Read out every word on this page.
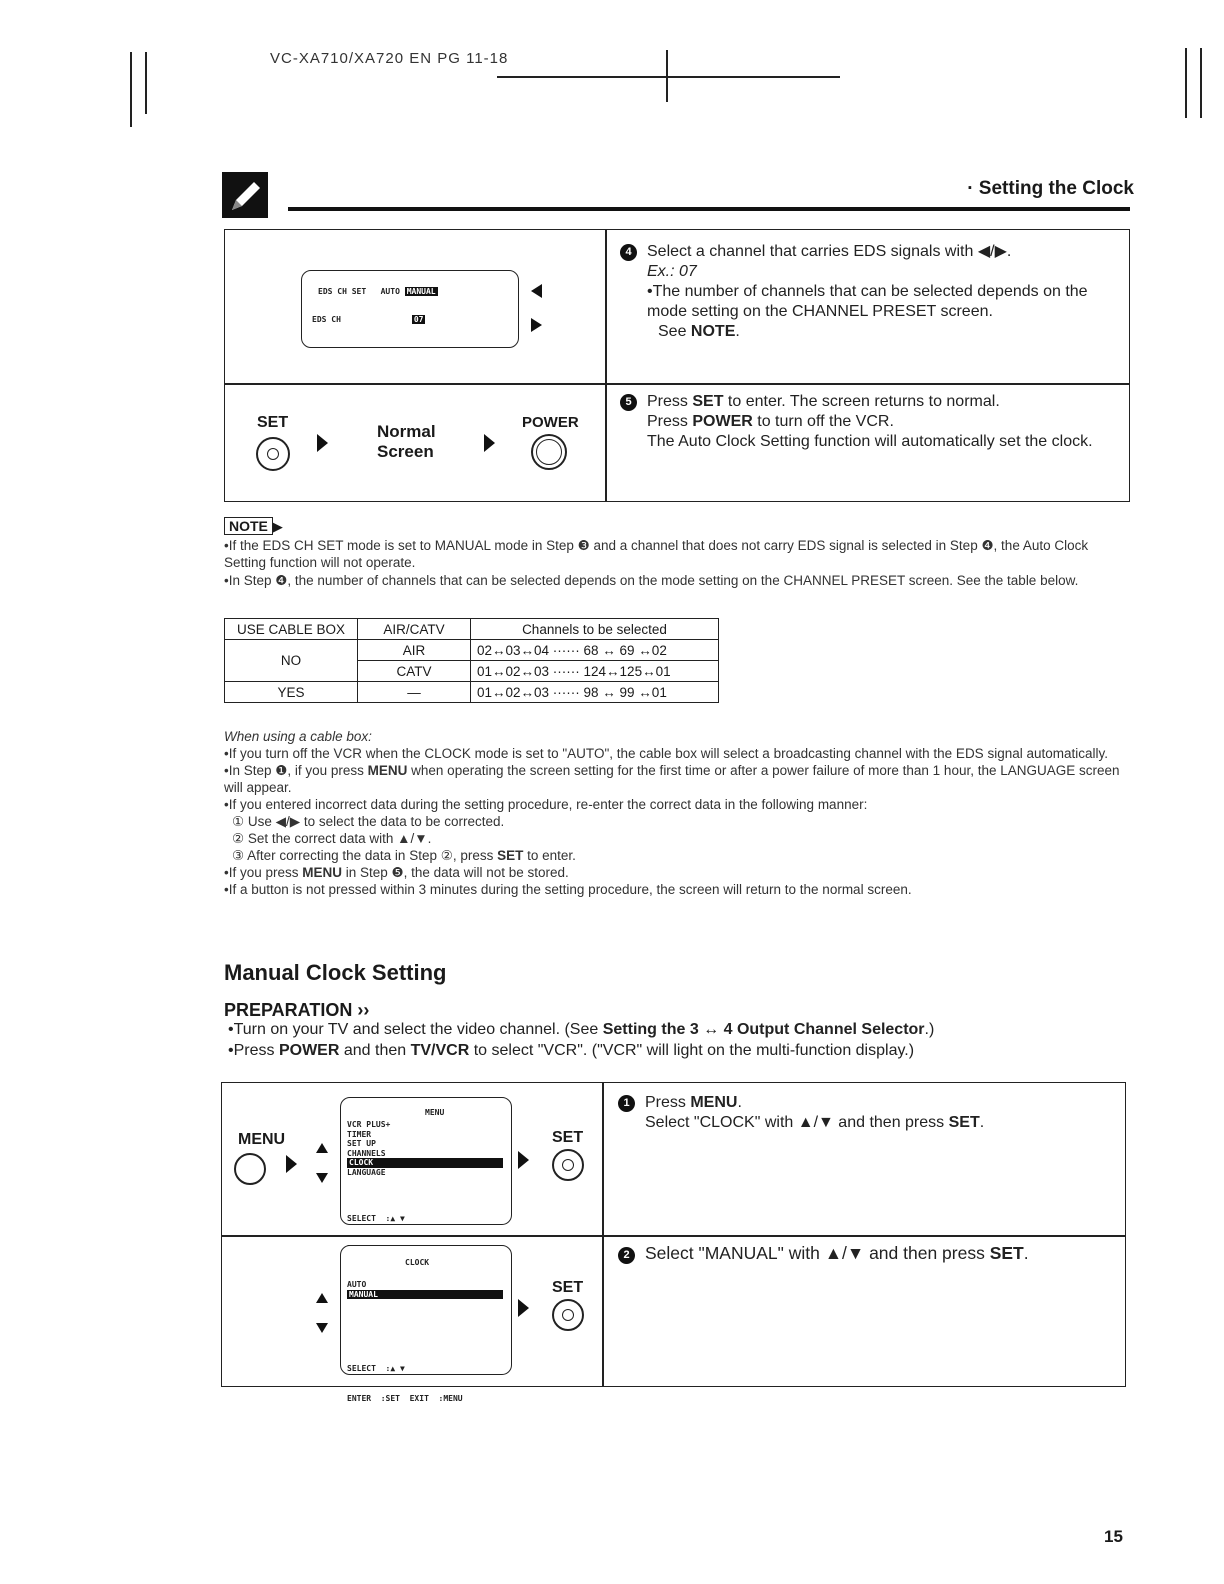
VC-XA710/XA720 EN PG 11-18
· Setting the Clock
EDS CH SET   AUTO MANUAL
EDS CH	07
4 Select a channel that carries EDS signals with ◀/▶.
Ex.: 07
•The number of channels that can be selected depends on the mode setting on the CHANNEL PRESET screen.
See NOTE.
SET	Normal Screen
POWER
5 Press SET to enter. The screen returns to normal.
Press POWER to turn off the VCR.
The Auto Clock Setting function will automatically set the clock.
NOTE ▶
•If the EDS CH SET mode is set to MANUAL mode in Step ❸ and a channel that does not carry EDS signal is selected in Step ❹, the Auto Clock Setting function will not operate.
•In Step ❹, the number of channels that can be selected depends on the mode setting on the CHANNEL PRESET screen. See the table below.
USE CABLE BOX	AIR/CATV	Channels to be selected
NO	AIR	02↔03↔04 ······ 68 ↔ 69 ↔02
	CATV	01↔02↔03 ······ 124↔125↔01
YES	—	01↔02↔03 ······ 98 ↔ 99 ↔01
When using a cable box:
•If you turn off the VCR when the CLOCK mode is set to "AUTO", the cable box will select a broadcasting channel with the EDS signal automatically.
•In Step ❶, if you press MENU when operating the screen setting for the first time or after a power failure of more than 1 hour, the LANGUAGE screen will appear.
•If you entered incorrect data during the setting procedure, re-enter the correct data in the following manner:
① Use ◀/▶ to select the data to be corrected.
② Set the correct data with ▲/▼.
③ After correcting the data in Step ②, press SET to enter.
•If you press MENU in Step ❺, the data will not be stored.
•If a button is not pressed within 3 minutes during the setting procedure, the screen will return to the normal screen.
Manual Clock Setting
PREPARATION ››
•Turn on your TV and select the video channel. (See Setting the 3 ↔ 4 Output Channel Selector.)
•Press POWER and then TV/VCR to select "VCR". ("VCR" will light on the multi-function display.)
MENU
MENU
VCR PLUS+
TIMER
SET UP
CHANNELS
CLOCK
LANGUAGE

SELECT  :▲ ▼

SET
1 Press MENU.
Select "CLOCK" with ▲/▼ and then press SET.
CLOCK
AUTO
MANUAL

SELECT  :▲ ▼

ENTER  :SET  EXIT  :MENU

SET
2 Select "MANUAL" with ▲/▼ and then press SET.
15
